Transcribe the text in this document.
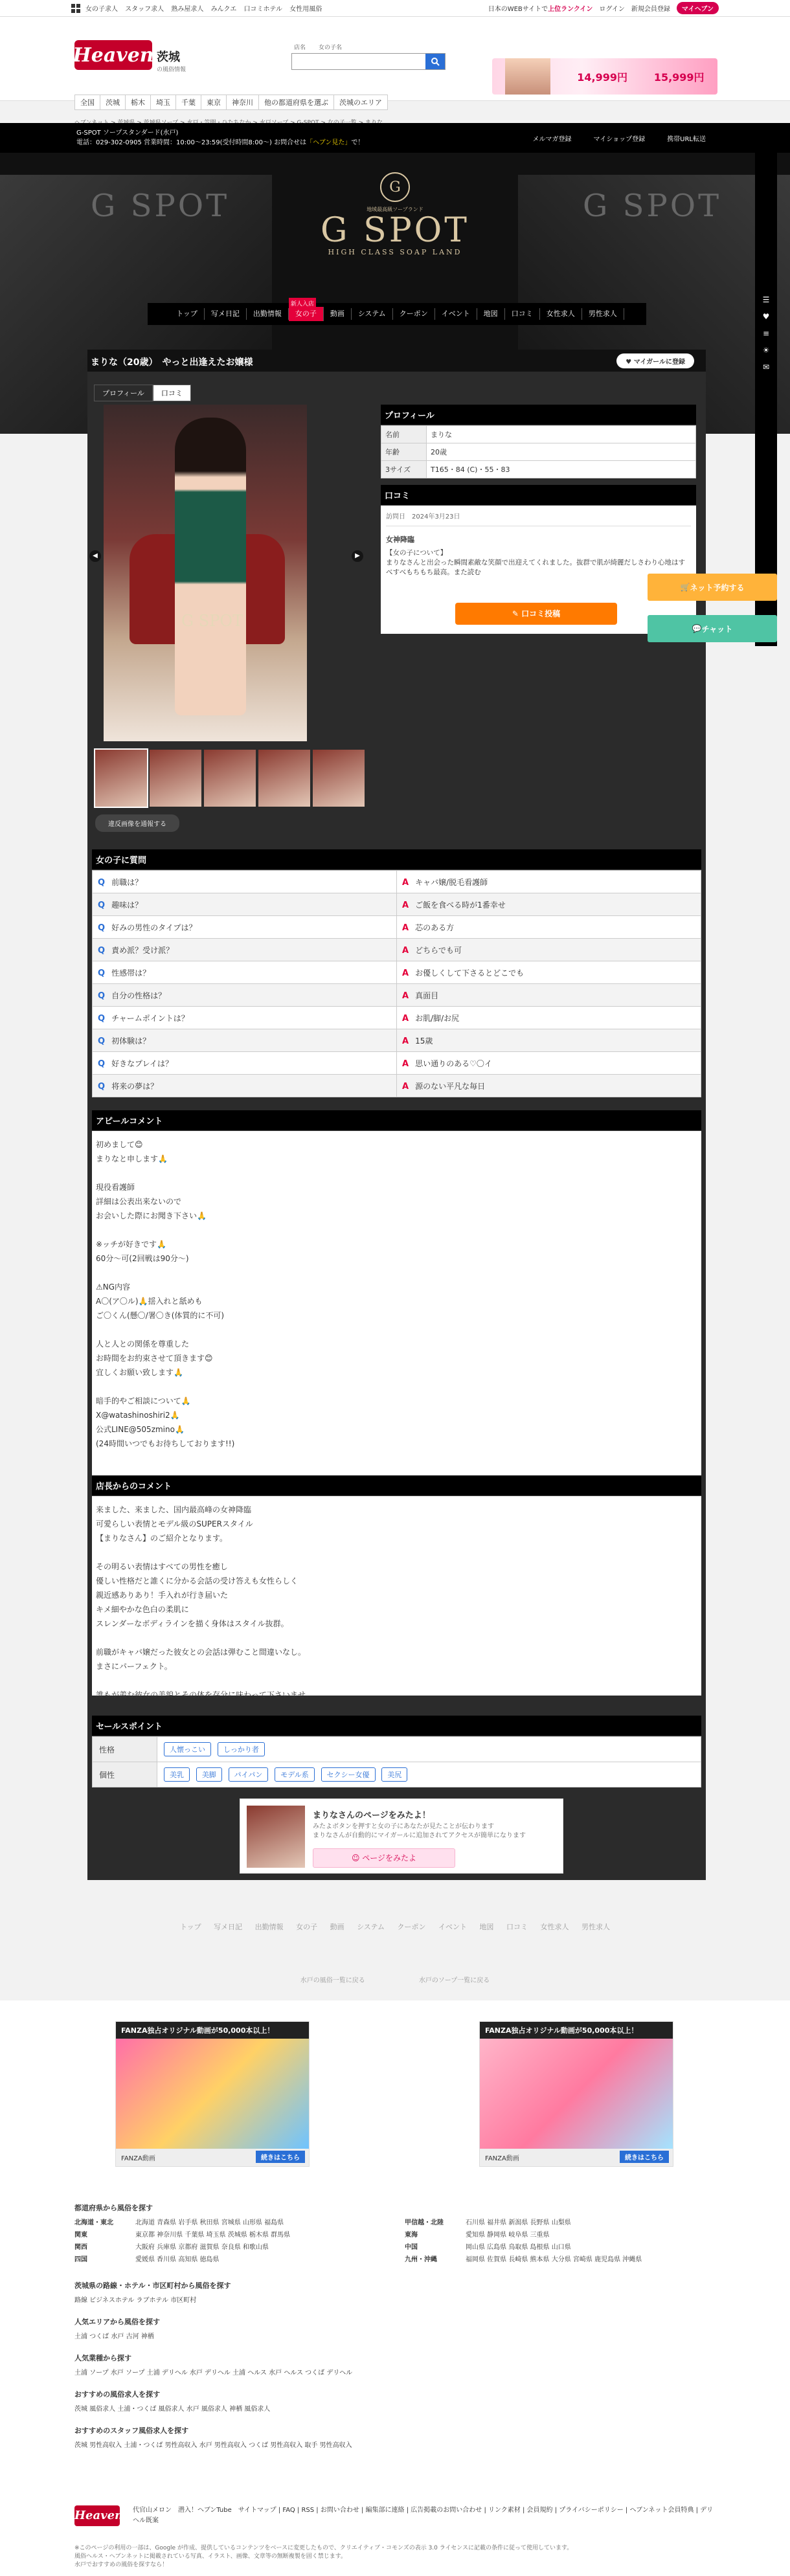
女の子求人 スタッフ求人 熟み屋求人 みんクエ 口コミホテル 女性用風俗	日本のWEBサイトで上位ランクイン ログイン 新規会員登録	マイヘブン
Heaven 茨城
の風俗情報
店名 女の子名
14,999円	15,999円
全国	茨城	栃木	埼玉	千葉	東京	神奈川	他の都道府県を選ぶ	茨城のエリア
G SPOT	G SPOT
G-SPOT ソープスタンダード(水戸)
電話：029-302-0905 営業時間：10:00〜23:59(受付時間8:00〜) お問合せは「ヘブン見た」で！	メルマガ登録	マイショップ登録	携帯URL転送
G
地域最高級ソープランド
G SPOT
HIGH CLASS SOAP LAND
トップ	写メ日記	出勤情報
新人入店
女の子	動画	システム	クーポン	イベント	地図	口コミ	女性求人	男性求人
☰
♥
≡
☀
✉
まりな（20歳）　やっと出逢えたお嬢様	♥ マイガールに登録
プロフィール	口コミ
G SPOT
◀	▶
違反画像を通報する
プロフィール
名前	まりな
年齢	20歳
3サイズ	T165・84 (C)・55・83
口コミ
訪問日　2024年3月23日
女神降臨

【女の子について】
まりなさんと出会った瞬間素敵な笑顔で出迎えてくれました。抜群で肌が綺麗だしさわり心地はすべすべもちもち最高。また読む

✎ 口コミ投稿
女の子に質問
Q 前職は？	A キャバ嬢/脱毛看護師
Q 趣味は？	A ご飯を食べる時が1番幸せ
Q 好みの男性のタイプは？	A 芯のある方
Q 責め派？受け派？	A どちらでも可
Q 性感帯は？	A お優しくして下さるとどこでも
Q 自分の性格は？	A 真面目
Q チャームポイントは？	A お肌/脚/お尻
Q 初体験は？	A 15歳
Q 好きなプレイは？	A 思い通りのある♡〇イ
Q 将来の夢は？	A 源のない平凡な毎日
アピールコメント
初めまして😊
まりなと申します🙏

現役看護師
詳細は公表出来ないので
お会いした際にお聞き下さい🙏

※ッチが好きです🙏
60分〜可(2回戦は90分〜)

⚠NG内容
A〇(ア〇ル)🙏揺入れと舐めも
ご〇くん(懸〇/署〇き(体質的に不可)

人と人との関係を尊重した
お時間をお約束させて頂きます😊
宜しくお願い致します🙏

暗手的やご相談について🙏
X@watashinoshiri2🙏
公式LINE@505zmino🙏
(24時間いつでもお待ちしております!!)
店長からのコメント
来ました、来ました、国内最高峰の女神降臨
可愛らしい表情とモデル級のSUPERスタイル
【まりなさん】のご紹介となります。

その明るい表情はすべての男性を癒し
優しい性格だと誰くに分かる会話の受け答えも女性らしく
親近感ありあり！手入れが行き届いた
キメ細やかな色白の柔肌に
スレンダーなボディラインを描く身体はスタイル抜群。

前職がキャバ嬢だった彼女との会話は弾むこと間違いなし。
まさにパーフェクト。

誰もが羨む彼女の美貌とその体を存分に味わって下さいませ。
セールスポイント
性格	人懐っこい しっかり者
個性	美乳 美脚 パイパン モデル系 セクシー女優 美尻
まりなさんのページをみたよ！
みたよボタンを押すと女の子にあなたが見たことが伝わります
まりなさんが自動的にマイガールに追加されてアクセスが簡単になります
☺ ページをみたよ
🛒 ネット予約する
💬 チャット
トップ 写メ日記 出勤情報 女の子 動画 システム クーポン イベント 地図 口コミ 女性求人 男性求人
水戸の風俗一覧に戻る	水戸のソープ一覧に戻る
FANZA独占オリジナル動画が50,000本以上！
FANZA動画	続きはこちら
FANZA独占オリジナル動画が50,000本以上！
FANZA動画	続きはこちら
都道府県から風俗を探す
北海道・東北	北海道 青森県 岩手県 秋田県 宮城県 山形県 福島県
関東	東京都 神奈川県 千葉県 埼玉県 茨城県 栃木県 群馬県
関西	大阪府 兵庫県 京都府 滋賀県 奈良県 和歌山県
四国	愛媛県 香川県 高知県 徳島県
甲信越・北陸	石川県 福井県 新潟県 長野県 山梨県
東海	愛知県 静岡県 岐阜県 三重県
中国	岡山県 広島県 鳥取県 島根県 山口県
九州・沖縄	福岡県 佐賀県 長崎県 熊本県 大分県 宮崎県 鹿児島県 沖縄県
茨城県の路線・ホテル・市区町村から風俗を探す
路線 ビジネスホテル ラブホテル 市区町村
人気エリアから風俗を探す
土浦 つくば 水戸 古河 神栖
人気業種から探す
土浦 ソープ 水戸 ソープ 土浦 デリヘル 水戸 デリヘル 土浦 ヘルス 水戸 ヘルス つくば デリヘル
おすすめの風俗求人を探す
茨城 風俗求人 土浦・つくば 風俗求人 水戸 風俗求人 神栖 風俗求人
おすすめのスタッフ風俗求人を探す
茨城 男性高収入 土浦・つくば 男性高収入 水戸 男性高収入 つくば 男性高収入 取手 男性高収入
Heaven 代官山メロン　潜入！ヘブンTube　サイトマップ | FAQ | RSS | お問い合わせ | 編集部に連絡 | 広告掲載のお問い合わせ | リンク素材 | 会員規約 | プライバシーポリシー | ヘブンネット会員特典 | デリヘル既案
※このページの利用の一部は、Google が作成、提供しているコンテンツをベースに変更したもので、クリエイティブ・コモンズの表示 3.0 ライセンスに記載の条件に従って使用しています。
風俗ヘルス・ヘブンネットに掲載されている写真、イラスト、画像、文章等の無断複製を固く禁じます。
水戸でおすすめの風俗を探すなら！
